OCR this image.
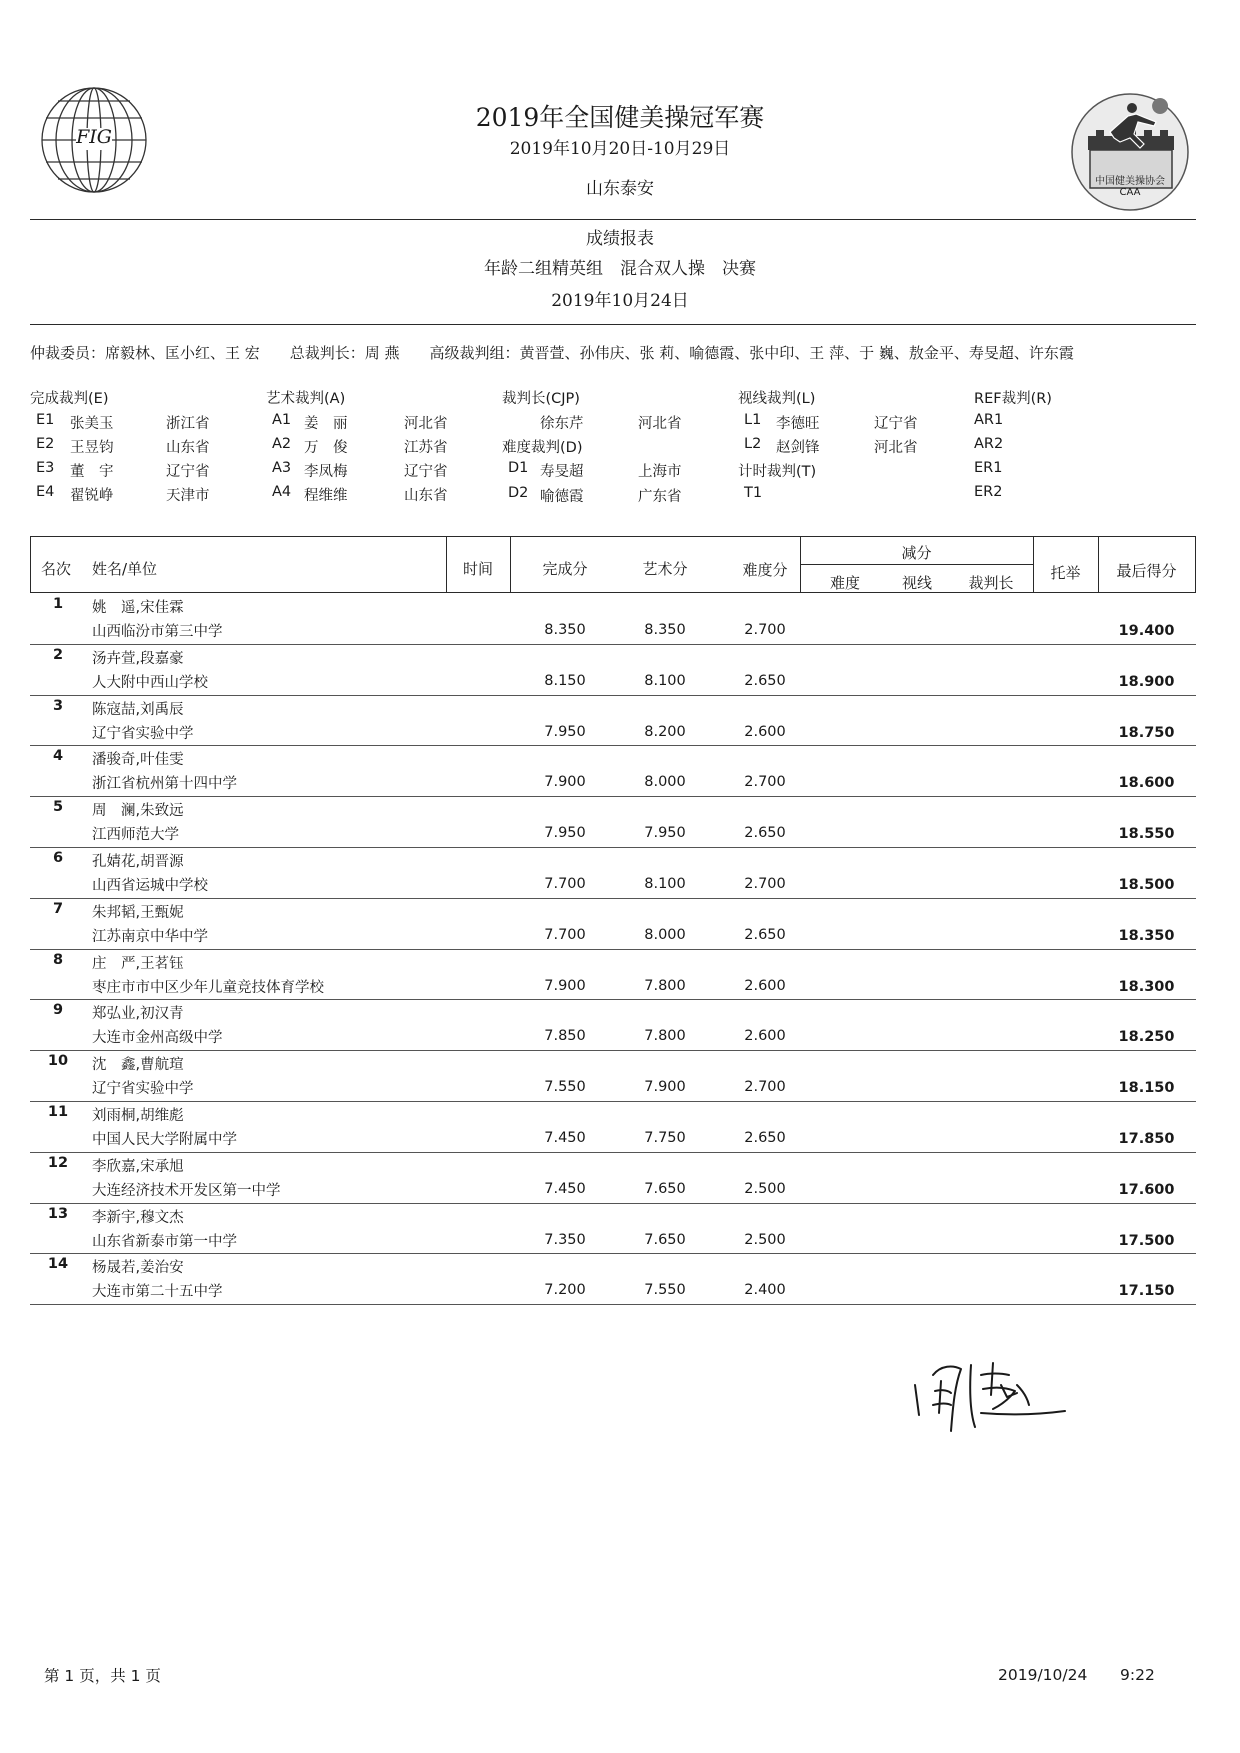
FIG
中国健美操协会
CAA
2019年全国健美操冠军赛
2019年10月20日-10月29日
山东泰安
成绩报表
年龄二组精英组　混合双人操　决赛
2019年10月24日
仲裁委员：席毅林、匡小红、王 宏　　总裁判长：周 燕　　高级裁判组：黄晋萱、孙伟庆、张 莉、喻德霞、张中印、王 萍、于 巍、敖金平、寿旻超、许东霞
完成裁判(E)
E1 张美玉	浙江省
E2 王昱钧	山东省
E3 董　宇	辽宁省
E4 翟锐峥	天津市
艺术裁判(A)
A1 姜　丽	河北省
A2 万　俊	江苏省
A3 李凤梅	辽宁省
A4 程维维	山东省
裁判长(CJP)
徐东芹	河北省
难度裁判(D)
D1 寿旻超	上海市
D2 喻德霞	广东省
视线裁判(L)
L1 李德旺	辽宁省
L2 赵剑锋	河北省
计时裁判(T)
T1
REF裁判(R)
AR1
AR2
ER1
ER2
名次	姓名/单位	时间	完成分	艺术分	难度分
减分
难度	视线	裁判长
托举	最后得分
1	姚　遥,宋佳霖
山西临汾市第三中学	8.350	8.350	2.700	19.400
2	汤卉萱,段嘉豪
人大附中西山学校	8.150	8.100	2.650	18.900
3	陈寇喆,刘禹辰
辽宁省实验中学	7.950	8.200	2.600	18.750
4	潘骏奇,叶佳雯
浙江省杭州第十四中学	7.900	8.000	2.700	18.600
5	周　澜,朱致远
江西师范大学	7.950	7.950	2.650	18.550
6	孔婧花,胡晋源
山西省运城中学校	7.700	8.100	2.700	18.500
7	朱邦韬,王甄妮
江苏南京中华中学	7.700	8.000	2.650	18.350
8	庄　严,王茗钰
枣庄市市中区少年儿童竞技体育学校	7.900	7.800	2.600	18.300
9	郑弘业,初汉青
大连市金州高级中学	7.850	7.800	2.600	18.250
10	沈　鑫,曹航瑄
辽宁省实验中学	7.550	7.900	2.700	18.150
11	刘雨桐,胡维彪
中国人民大学附属中学	7.450	7.750	2.650	17.850
12	李欣嘉,宋承旭
大连经济技术开发区第一中学	7.450	7.650	2.500	17.600
13	李新宇,穆文杰
山东省新泰市第一中学	7.350	7.650	2.500	17.500
14	杨晟若,姜治安
大连市第二十五中学	7.200	7.550	2.400	17.150
第 1 页，共 1 页	2019/10/24 9:22
